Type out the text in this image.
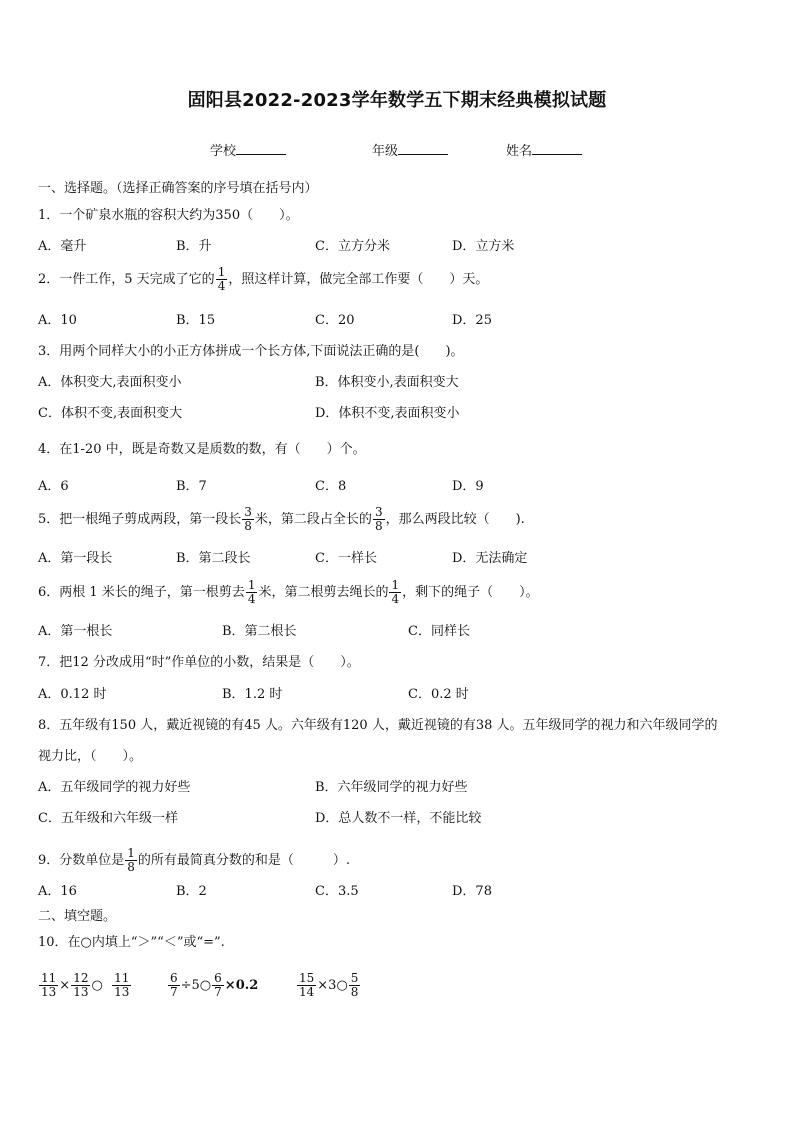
固阳县2022-2023学年数学五下期末经典模拟试题
学校	年级	姓名
一、选择题。（选择正确答案的序号填在括号内）
1．一个矿泉水瓶的容积大约为350（　　）。
A．毫升	B．升	C．立方分米	D．立方米
2．一件工作，5 天完成了它的 $\frac{1}{4}$ ，照这样计算，做完全部工作要（　　）天。
A．10	B．15	C．20	D．25
3．用两个同样大小的小正方体拼成一个长方体,下面说法正确的是(　　)。
A．体积变大,表面积变小	B．体积变小,表面积变大
C．体积不变,表面积变大	D．体积不变,表面积变小
4．在1-20 中，既是奇数又是质数的数，有（　　）个。
A．6	B．7	C．8	D．9
5．把一根绳子剪成两段，第一段长 $\frac{3}{8}$ 米，第二段占全长的 $\frac{3}{8}$ ，那么两段比较（　　).
A．第一段长	B．第二段长	C．一样长	D．无法确定
6．两根 1 米长的绳子，第一根剪去 $\frac{1}{4}$ 米，第二根剪去绳长的 $\frac{1}{4}$ ，剩下的绳子（　　）。
A．第一根长	B．第二根长	C．同样长
7．把12 分改成用“时”作单位的小数，结果是（　　）。
A．0.12 时	B．1.2 时	C．0.2 时
8．五年级有150 人，戴近视镜的有45 人。六年级有120 人，戴近视镜的有38 人。五年级同学的视力和六年级同学的
视力比，（　　）。
A．五年级同学的视力好些	B．六年级同学的视力好些
C．五年级和六年级一样	D．总人数不一样，不能比较
9．分数单位是 $\frac{1}{8}$ 的所有最简真分数的和是（　　　）.
A．16	B．2	C．3.5	D．78
二、填空题。
10．在○内填上“＞”“＜”或“=”.
$\frac{11}{13} \times \frac{12}{13}$ ○ $\frac{11}{13}$	$\frac{6}{7}$ ÷5○ $\frac{6}{7} \times 0.2$	$\frac{15}{14}$ ×3○ $\frac{5}{8}$
